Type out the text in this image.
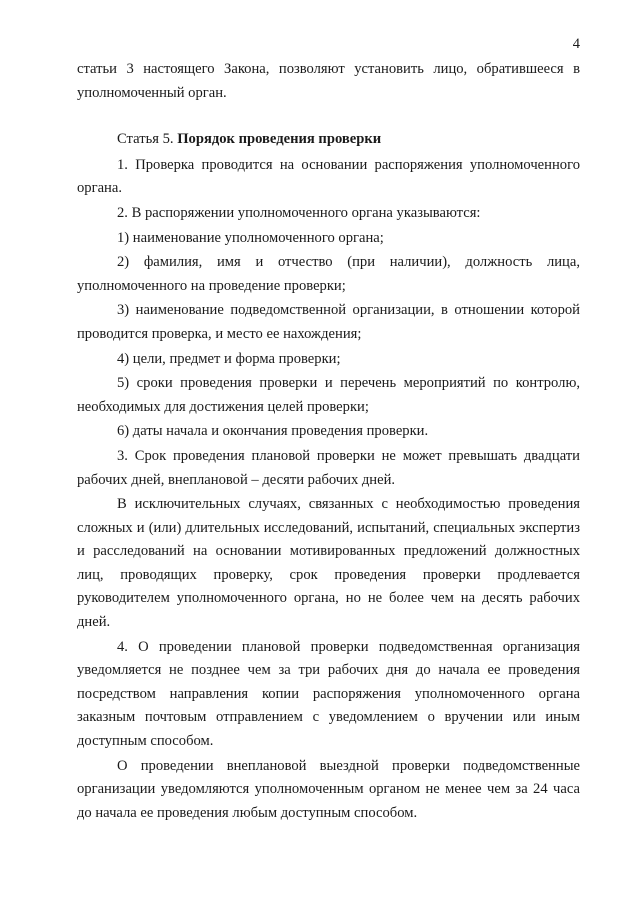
4

статьи 3 настоящего Закона, позволяют установить лицо, обратившееся в уполномоченный орган.

Статья 5. Порядок проведения проверки

1. Проверка проводится на основании распоряжения уполномоченного органа.

2. В распоряжении уполномоченного органа указываются:

1) наименование уполномоченного органа;

2) фамилия, имя и отчество (при наличии), должность лица, уполномоченного на проведение проверки;

3) наименование подведомственной организации, в отношении которой проводится проверка, и место ее нахождения;

4) цели, предмет и форма проверки;

5) сроки проведения проверки и перечень мероприятий по контролю, необходимых для достижения целей проверки;

6) даты начала и окончания проведения проверки.

3. Срок проведения плановой проверки не может превышать двадцати рабочих дней, внеплановой – десяти рабочих дней.

В исключительных случаях, связанных с необходимостью проведения сложных и (или) длительных исследований, испытаний, специальных экспертиз и расследований на основании мотивированных предложений должностных лиц, проводящих проверку, срок проведения проверки продлевается руководителем уполномоченного органа, но не более чем на десять рабочих дней.

4. О проведении плановой проверки подведомственная организация уведомляется не позднее чем за три рабочих дня до начала ее проведения посредством направления копии распоряжения уполномоченного органа заказным почтовым отправлением с уведомлением о вручении или иным доступным способом.

О проведении внеплановой выездной проверки подведомственные организации уведомляются уполномоченным органом не менее чем за 24 часа до начала ее проведения любым доступным способом.
